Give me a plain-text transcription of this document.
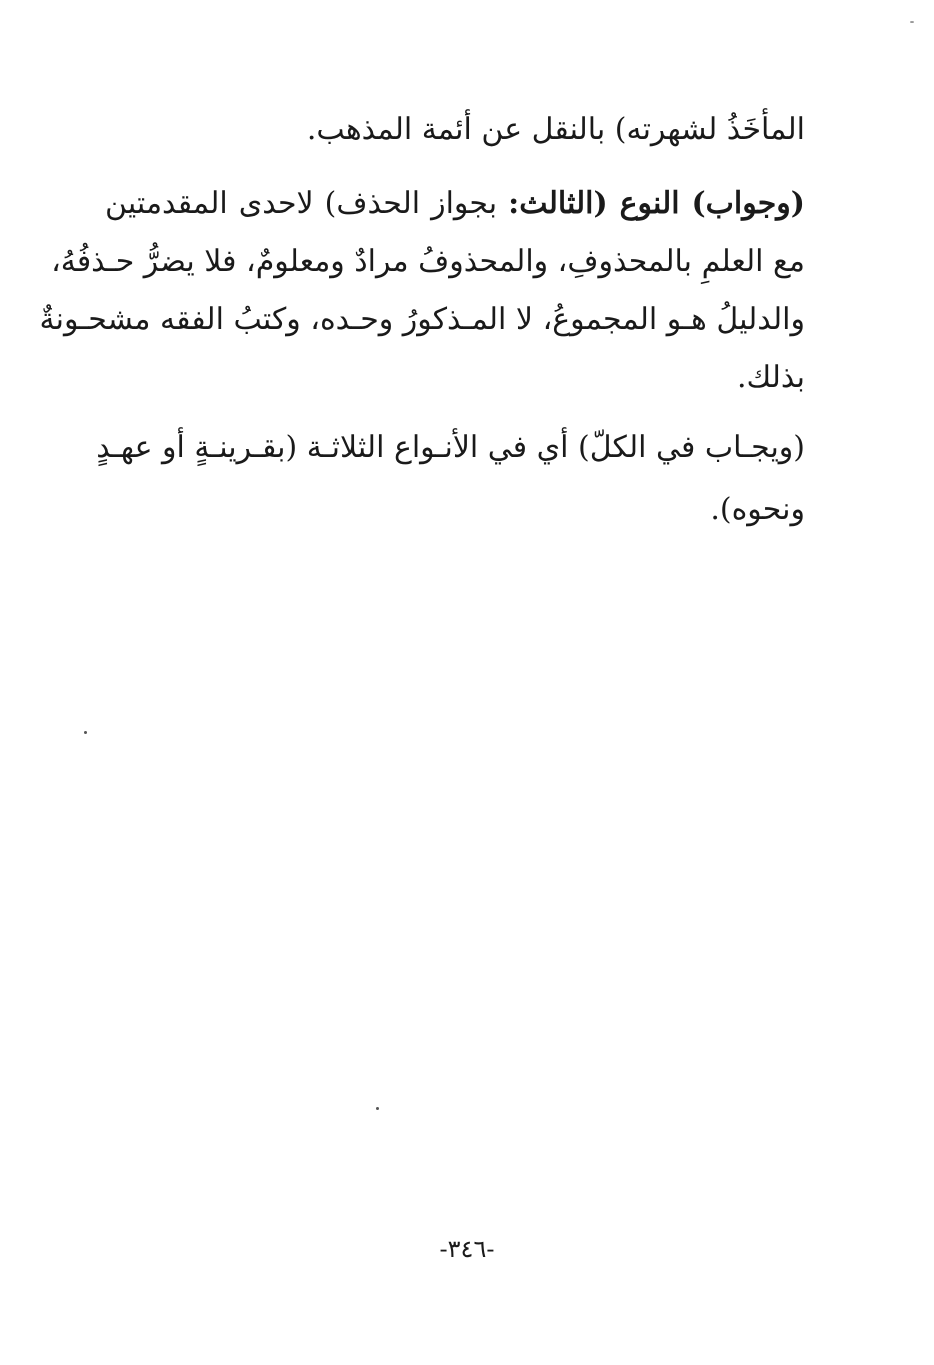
المأخَذُ لشهرته) بالنقل عن أئمة المذهب.
(وجواب) النوع (الثالث: بجواز الحذف) لاحدى المقدمتين
مع العلمِ بالمحذوفِ، والمحذوفُ مرادٌ ومعلومٌ، فلا يضرُّ حـذفُهُ،
والدليلُ هـو المجموعُ، لا المـذكورُ وحـده، وكتبُ الفقه مشحـونةٌ
بذلك.
(ويجـاب في الكلّ) أي في الأنـواع الثلاثـة (بقـرينـةٍ أو عهـدٍ
ونحوه).
-٣٤٦-
